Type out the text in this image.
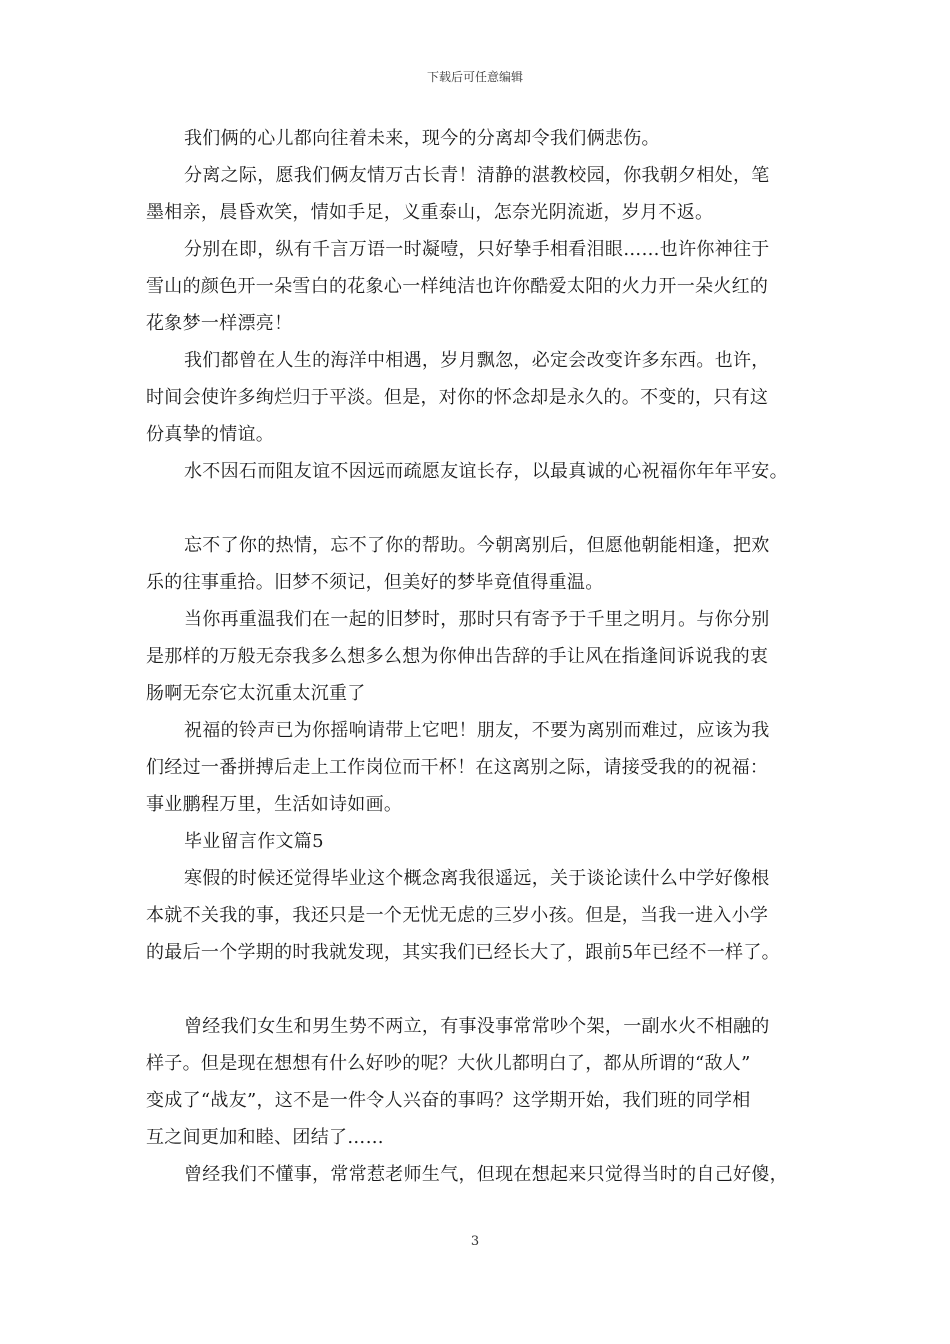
下载后可任意编辑
我们俩的心儿都向往着未来，现今的分离却令我们俩悲伤。
分离之际，愿我们俩友情万古长青！清静的湛教校园，你我朝夕相处，笔
墨相亲，晨昏欢笑，情如手足，义重泰山，怎奈光阴流逝，岁月不返。
分别在即，纵有千言万语一时凝噎，只好挚手相看泪眼……也许你神往于
雪山的颜色开一朵雪白的花象心一样纯洁也许你酷爱太阳的火力开一朵火红的
花象梦一样漂亮！
我们都曾在人生的海洋中相遇，岁月飘忽，必定会改变许多东西。也许，
时间会使许多绚烂归于平淡。但是，对你的怀念却是永久的。不变的，只有这
份真挚的情谊。
水不因石而阻友谊不因远而疏愿友谊长存，以最真诚的心祝福你年年平安。
忘不了你的热情，忘不了你的帮助。今朝离别后，但愿他朝能相逢，把欢
乐的往事重拾。旧梦不须记，但美好的梦毕竟值得重温。
当你再重温我们在一起的旧梦时，那时只有寄予于千里之明月。与你分别
是那样的万般无奈我多么想多么想为你伸出告辞的手让风在指逢间诉说我的衷
肠啊无奈它太沉重太沉重了
祝福的铃声已为你摇响请带上它吧！朋友，不要为离别而难过，应该为我
们经过一番拼搏后走上工作岗位而干杯！在这离别之际，请接受我的的祝福：
事业鹏程万里，生活如诗如画。
毕业留言作文篇5
寒假的时候还觉得毕业这个概念离我很遥远，关于谈论读什么中学好像根
本就不关我的事，我还只是一个无忧无虑的三岁小孩。但是，当我一进入小学
的最后一个学期的时我就发现，其实我们已经长大了，跟前5年已经不一样了。
曾经我们女生和男生势不两立，有事没事常常吵个架，一副水火不相融的
样子。但是现在想想有什么好吵的呢？大伙儿都明白了，都从所谓的“敌人”
变成了“战友”，这不是一件令人兴奋的事吗？这学期开始，我们班的同学相
互之间更加和睦、团结了……
曾经我们不懂事，常常惹老师生气，但现在想起来只觉得当时的自己好傻，
3
